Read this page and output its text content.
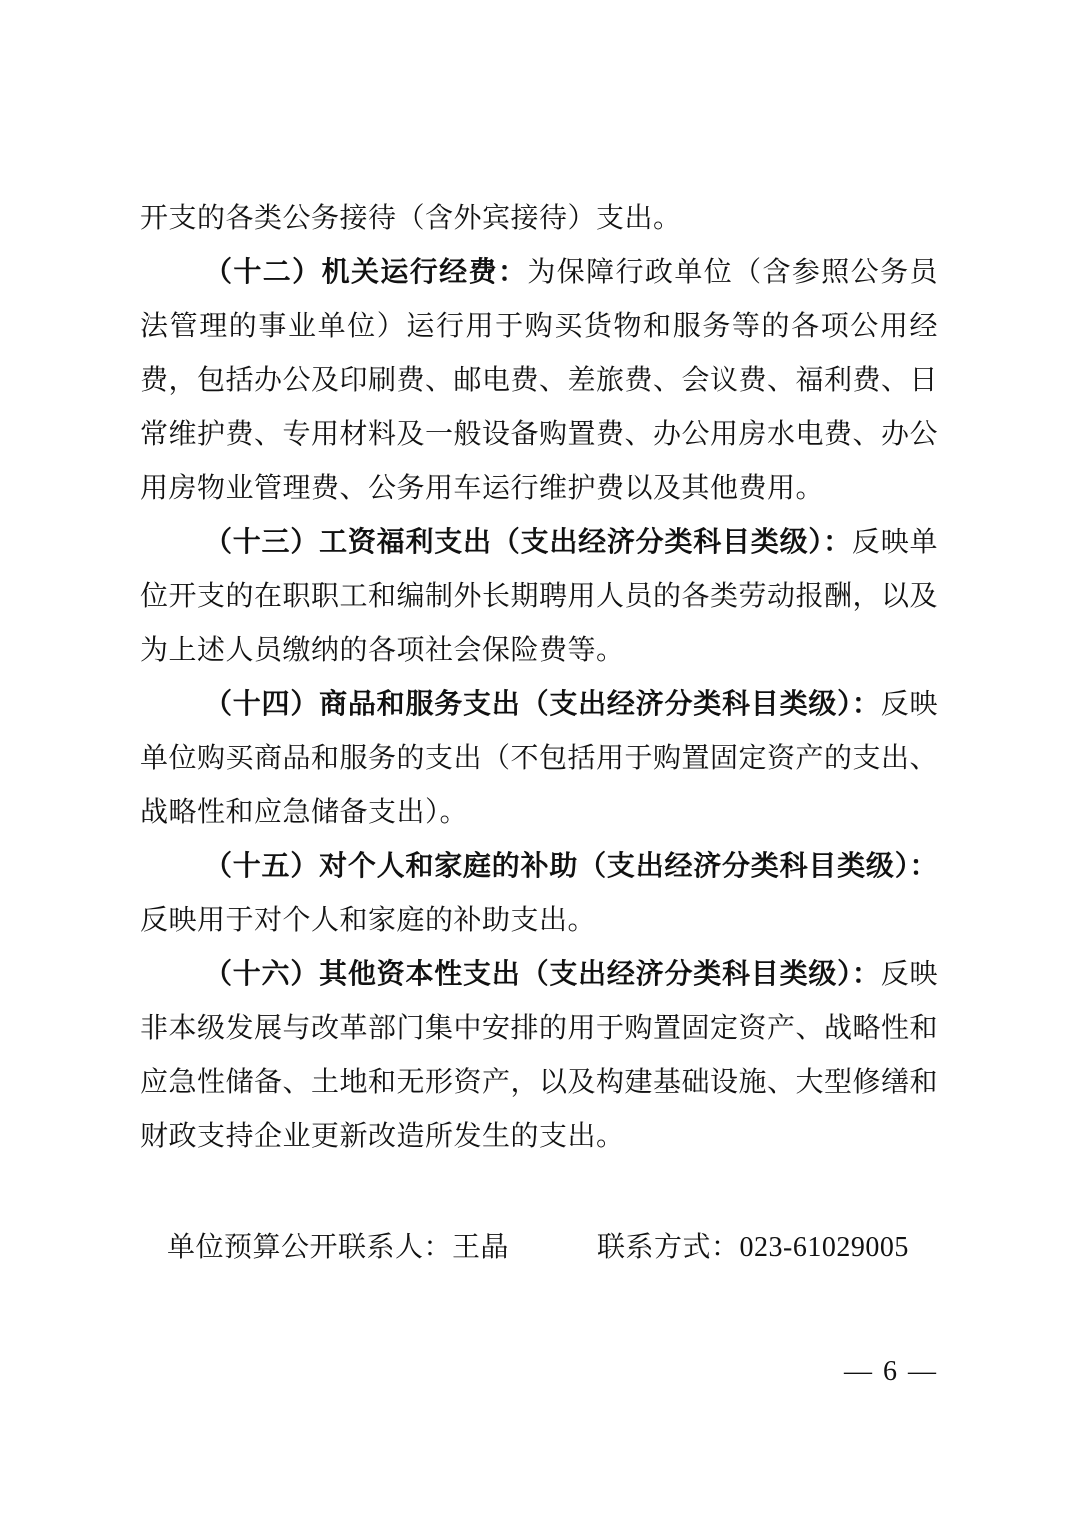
开支的各类公务接待（含外宾接待）支出。

（十二）机关运行经费：为保障行政单位（含参照公务员法管理的事业单位）运行用于购买货物和服务等的各项公用经费，包括办公及印刷费、邮电费、差旅费、会议费、福利费、日常维护费、专用材料及一般设备购置费、办公用房水电费、办公用房物业管理费、公务用车运行维护费以及其他费用。

（十三）工资福利支出（支出经济分类科目类级）：反映单位开支的在职职工和编制外长期聘用人员的各类劳动报酬，以及为上述人员缴纳的各项社会保险费等。

（十四）商品和服务支出（支出经济分类科目类级）：反映单位购买商品和服务的支出（不包括用于购置固定资产的支出、战略性和应急储备支出）。

（十五）对个人和家庭的补助（支出经济分类科目类级）：反映用于对个人和家庭的补助支出。

（十六）其他资本性支出（支出经济分类科目类级）：反映非本级发展与改革部门集中安排的用于购置固定资产、战略性和应急性储备、土地和无形资产，以及构建基础设施、大型修缮和财政支持企业更新改造所发生的支出。

单位预算公开联系人：王晶	联系方式：023-61029005

— 6 —
